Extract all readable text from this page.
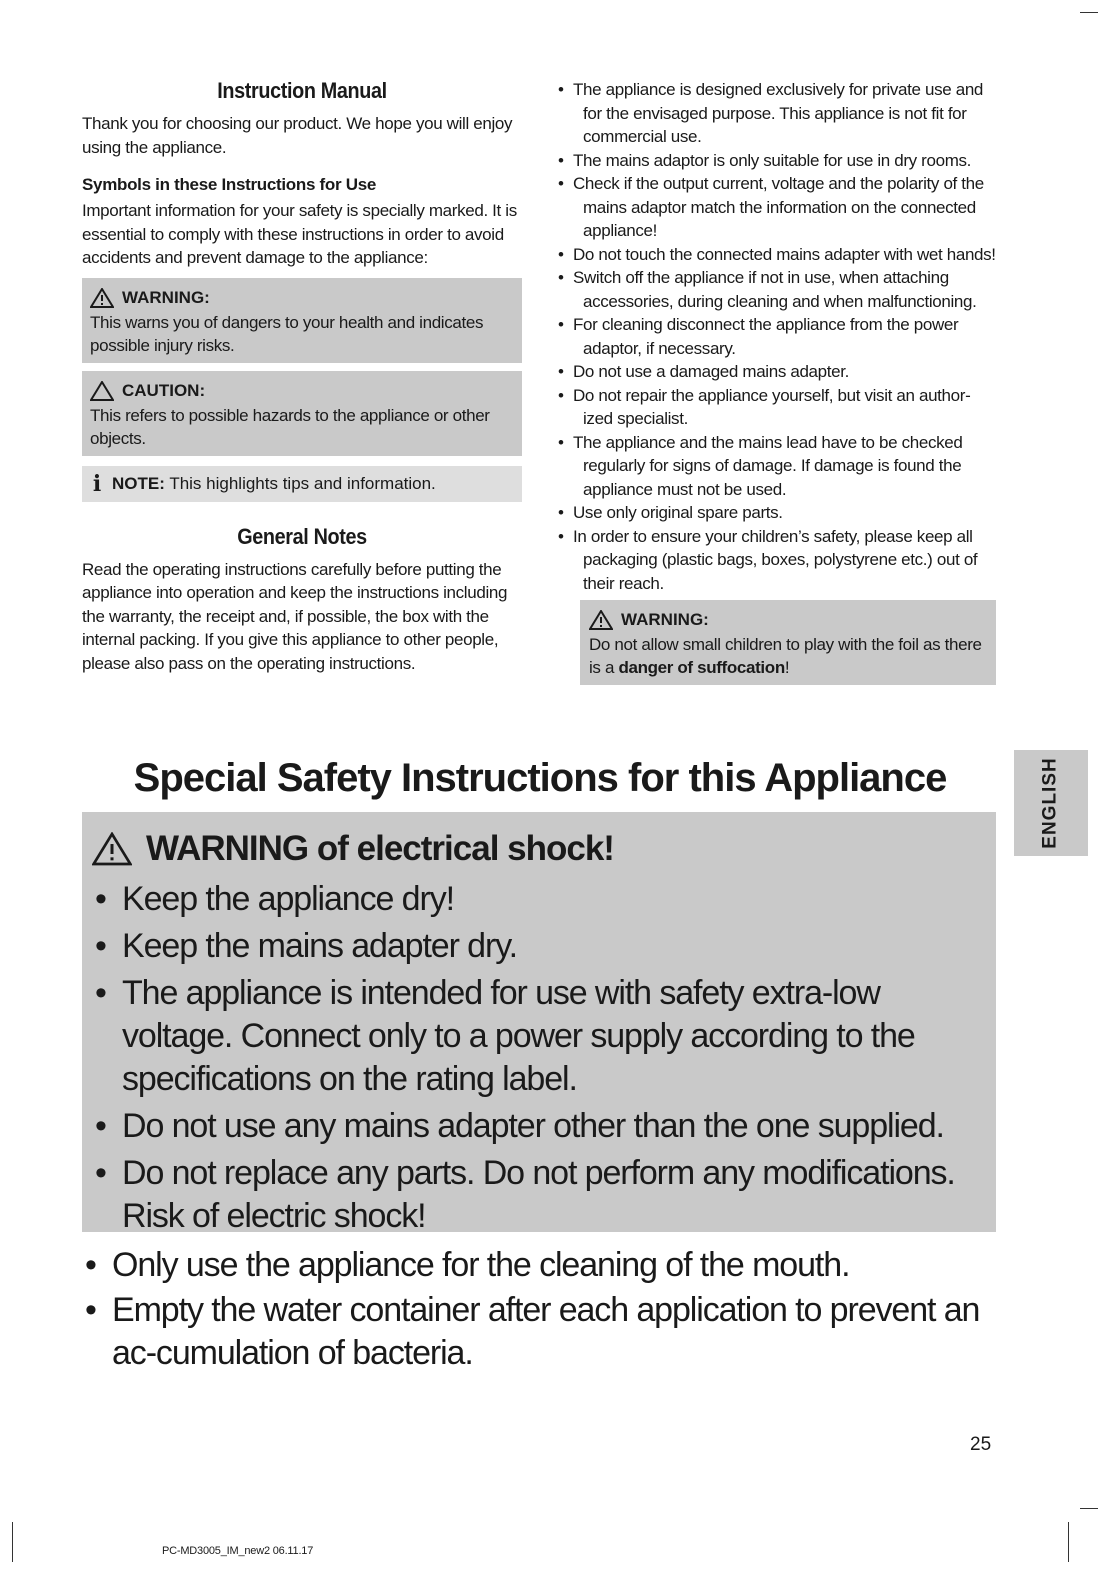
Instruction Manual

Thank you for choosing our product. We hope you will enjoy using the appliance.

Symbols in these Instructions for Use

Important information for your safety is specially marked. It is essential to comply with these instructions in order to avoid accidents and prevent damage to the appliance:

WARNING:

This warns you of dangers to your health and indicates possible injury risks.

CAUTION:

This refers to possible hazards to the appliance or other objects.

i NOTE: This highlights tips and information.
General Notes

Read the operating instructions carefully before putting the appliance into operation and keep the instructions including the warranty, the receipt and, if possible, the box with the internal packing. If you give this appliance to other people, please also pass on the operating instructions.

• The appliance is designed exclusively for private use and for the envisaged purpose. This appliance is not fit for commercial use.
• The mains adaptor is only suitable for use in dry rooms.
• Check if the output current, voltage and the polarity of the mains adaptor match the information on the connected appliance!
• Do not touch the connected mains adapter with wet hands!
• Switch off the appliance if not in use, when attaching accessories, during cleaning and when malfunctioning.
• For cleaning disconnect the appliance from the power adaptor, if necessary.
• Do not use a damaged mains adapter.
• Do not repair the appliance yourself, but visit an author-ized specialist.
• The appliance and the mains lead have to be checked regularly for signs of damage. If damage is found the appliance must not be used.
• Use only original spare parts.
• In order to ensure your children’s safety, please keep all packaging (plastic bags, boxes, polystyrene etc.) out of their reach.
WARNING:

Do not allow small children to play with the foil as there is a danger of suffocation!

Special Safety Instructions for this Appliance
WARNING of electrical shock!
• Keep the appliance dry!
• Keep the mains adapter dry.
• The appliance is intended for use with safety extra-low voltage. Connect only to a power supply according to the specifications on the rating label.
• Do not use any mains adapter other than the one supplied.
• Do not replace any parts. Do not perform any modifications. Risk of electric shock!
• Only use the appliance for the cleaning of the mouth.
• Empty the water container after each application to prevent an ac-cumulation of bacteria.
ENGLISH
25
PC-MD3005_IM_new2 06.11.17
